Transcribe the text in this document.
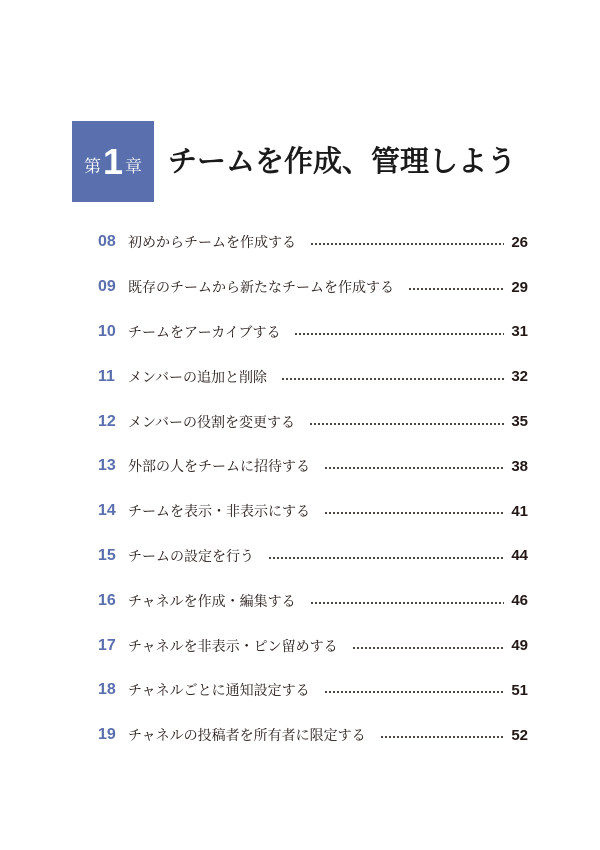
第 1 章 チームを作成、管理しよう
08 初めからチームを作成する	26
09 既存のチームから新たなチームを作成する	29
10 チームをアーカイブする	31
11 メンバーの追加と削除	32
12 メンバーの役割を変更する	35
13 外部の人をチームに招待する	38
14 チームを表示・非表示にする	41
15 チームの設定を行う	44
16 チャネルを作成・編集する	46
17 チャネルを非表示・ピン留めする	49
18 チャネルごとに通知設定する	51
19 チャネルの投稿者を所有者に限定する	52
